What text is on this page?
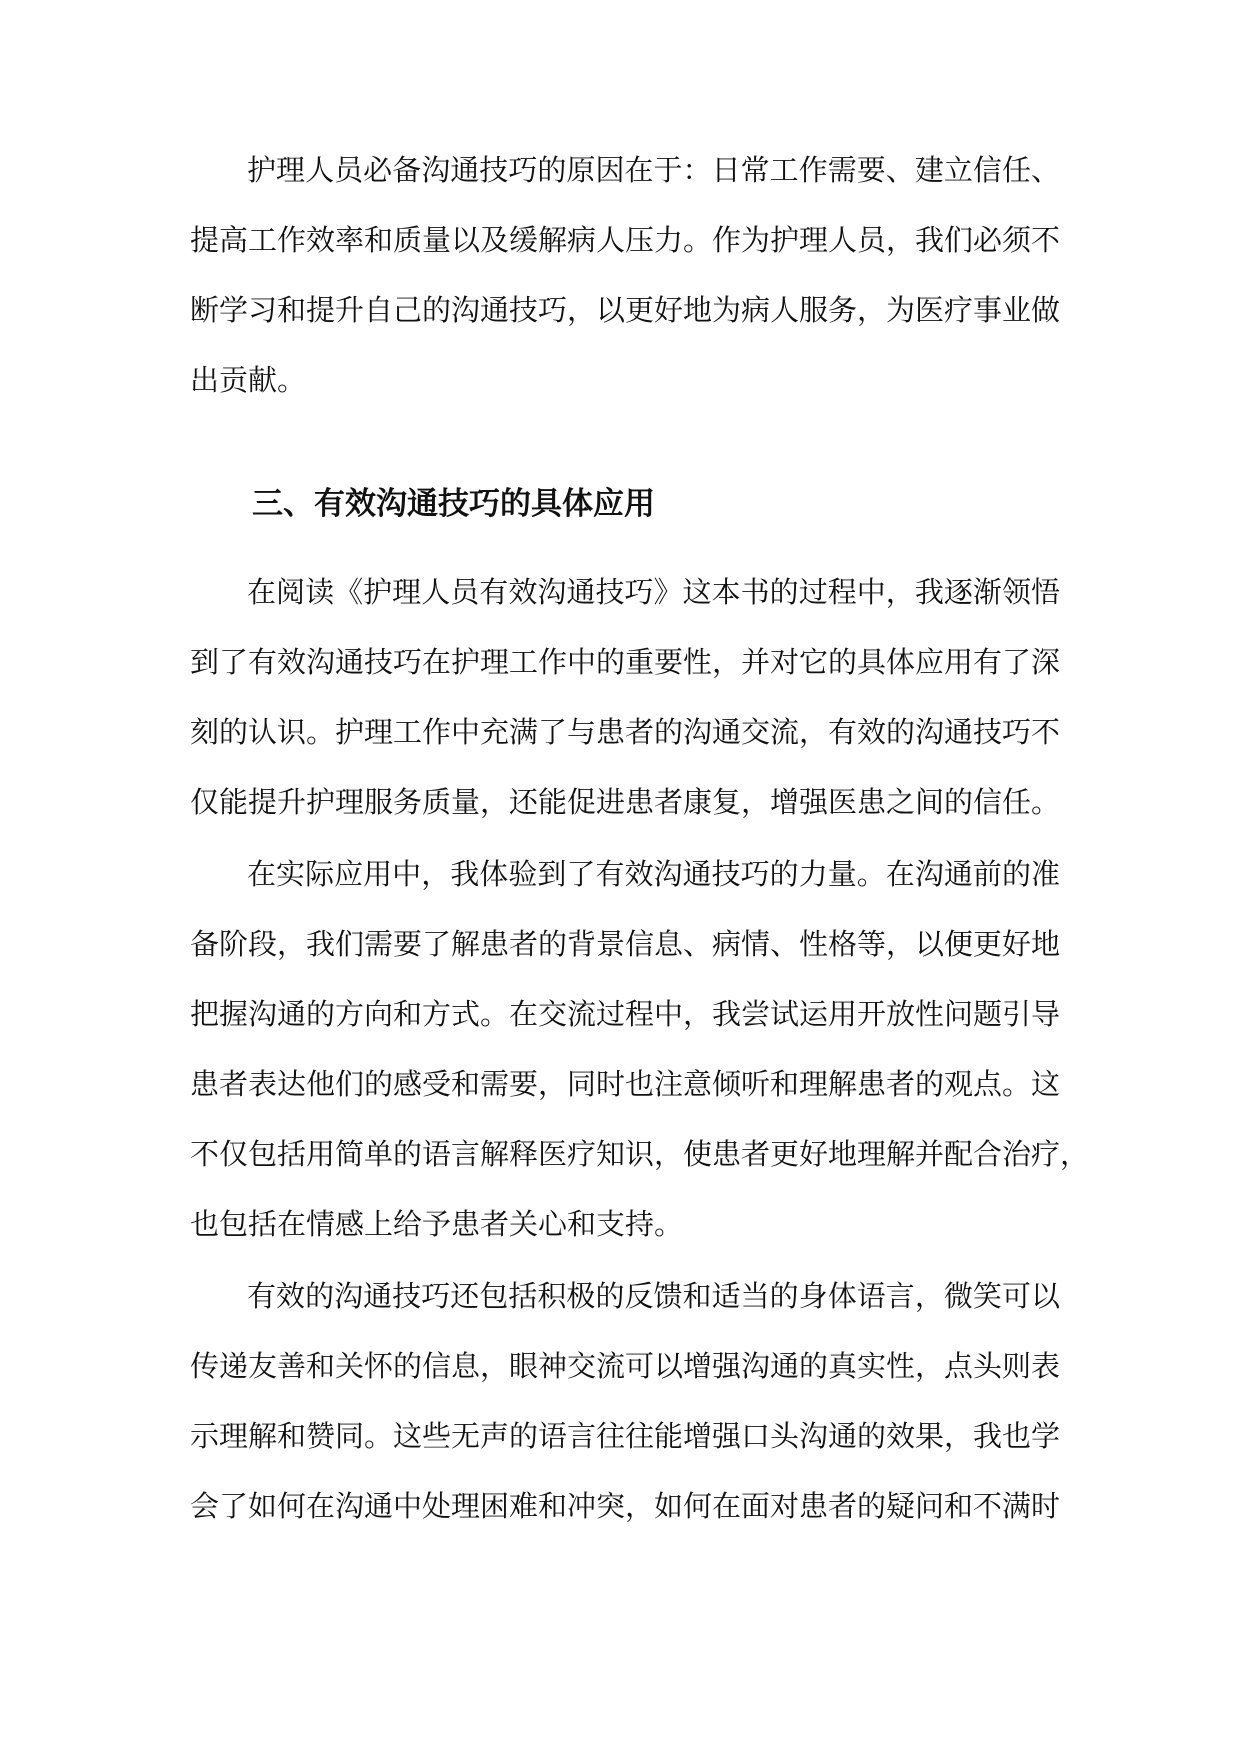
护理人员必备沟通技巧的原因在于：日常工作需要、建立信任、
提高工作效率和质量以及缓解病人压力。作为护理人员，我们必须不
断学习和提升自己的沟通技巧，以更好地为病人服务，为医疗事业做
出贡献。
三、有效沟通技巧的具体应用
在阅读《护理人员有效沟通技巧》这本书的过程中，我逐渐领悟
到了有效沟通技巧在护理工作中的重要性，并对它的具体应用有了深
刻的认识。护理工作中充满了与患者的沟通交流，有效的沟通技巧不
仅能提升护理服务质量，还能促进患者康复，增强医患之间的信任。
在实际应用中，我体验到了有效沟通技巧的力量。在沟通前的准
备阶段，我们需要了解患者的背景信息、病情、性格等，以便更好地
把握沟通的方向和方式。在交流过程中，我尝试运用开放性问题引导
患者表达他们的感受和需要，同时也注意倾听和理解患者的观点。这
不仅包括用简单的语言解释医疗知识，使患者更好地理解并配合治疗，
也包括在情感上给予患者关心和支持。
有效的沟通技巧还包括积极的反馈和适当的身体语言，微笑可以
传递友善和关怀的信息，眼神交流可以增强沟通的真实性，点头则表
示理解和赞同。这些无声的语言往往能增强口头沟通的效果，我也学
会了如何在沟通中处理困难和冲突，如何在面对患者的疑问和不满时
